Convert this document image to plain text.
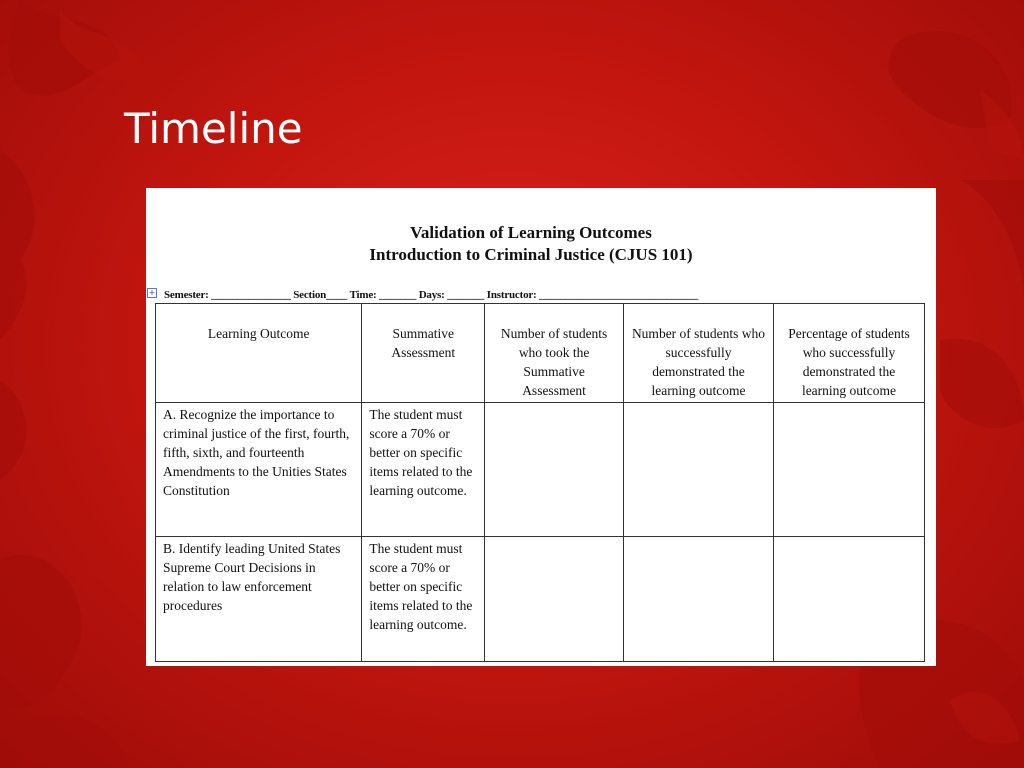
Timeline
Validation of Learning Outcomes
Introduction to Criminal Justice (CJUS 101)
+ Semester: _______________ Section____ Time: _______ Days: _______ Instructor: ______________________________
Learning Outcome	Summative Assessment	Number of students who took the Summative Assessment	Number of students who successfully demonstrated the learning outcome	Percentage of students who successfully demonstrated the learning outcome
A. Recognize the importance to criminal justice of the first, fourth, fifth, sixth, and fourteenth Amendments to the Unities States Constitution	The student must score a 70% or better on specific items related to the learning outcome.			
B. Identify leading United States Supreme Court Decisions in relation to law enforcement procedures	The student must score a 70% or better on specific items related to the learning outcome.			
